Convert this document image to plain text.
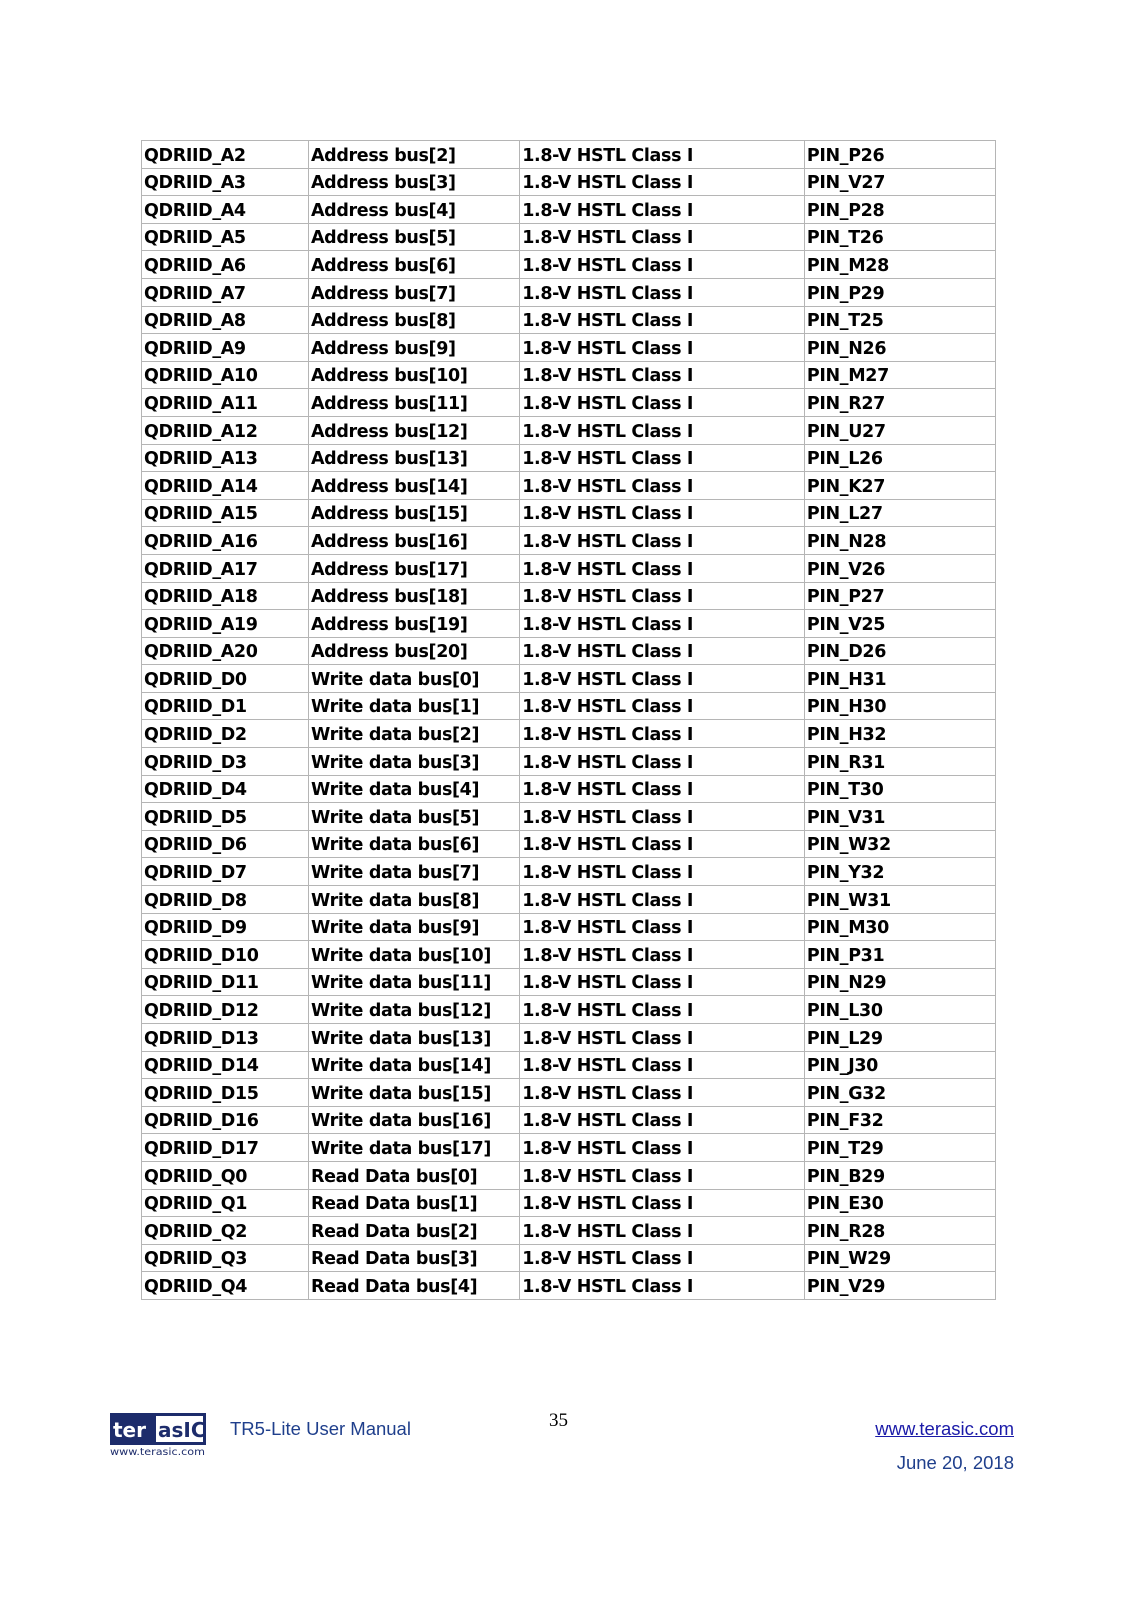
QDRIID_A2	Address bus[2]	1.8-V HSTL Class I	PIN_P26
QDRIID_A3	Address bus[3]	1.8-V HSTL Class I	PIN_V27
QDRIID_A4	Address bus[4]	1.8-V HSTL Class I	PIN_P28
QDRIID_A5	Address bus[5]	1.8-V HSTL Class I	PIN_T26
QDRIID_A6	Address bus[6]	1.8-V HSTL Class I	PIN_M28
QDRIID_A7	Address bus[7]	1.8-V HSTL Class I	PIN_P29
QDRIID_A8	Address bus[8]	1.8-V HSTL Class I	PIN_T25
QDRIID_A9	Address bus[9]	1.8-V HSTL Class I	PIN_N26
QDRIID_A10	Address bus[10]	1.8-V HSTL Class I	PIN_M27
QDRIID_A11	Address bus[11]	1.8-V HSTL Class I	PIN_R27
QDRIID_A12	Address bus[12]	1.8-V HSTL Class I	PIN_U27
QDRIID_A13	Address bus[13]	1.8-V HSTL Class I	PIN_L26
QDRIID_A14	Address bus[14]	1.8-V HSTL Class I	PIN_K27
QDRIID_A15	Address bus[15]	1.8-V HSTL Class I	PIN_L27
QDRIID_A16	Address bus[16]	1.8-V HSTL Class I	PIN_N28
QDRIID_A17	Address bus[17]	1.8-V HSTL Class I	PIN_V26
QDRIID_A18	Address bus[18]	1.8-V HSTL Class I	PIN_P27
QDRIID_A19	Address bus[19]	1.8-V HSTL Class I	PIN_V25
QDRIID_A20	Address bus[20]	1.8-V HSTL Class I	PIN_D26
QDRIID_D0	Write data bus[0]	1.8-V HSTL Class I	PIN_H31
QDRIID_D1	Write data bus[1]	1.8-V HSTL Class I	PIN_H30
QDRIID_D2	Write data bus[2]	1.8-V HSTL Class I	PIN_H32
QDRIID_D3	Write data bus[3]	1.8-V HSTL Class I	PIN_R31
QDRIID_D4	Write data bus[4]	1.8-V HSTL Class I	PIN_T30
QDRIID_D5	Write data bus[5]	1.8-V HSTL Class I	PIN_V31
QDRIID_D6	Write data bus[6]	1.8-V HSTL Class I	PIN_W32
QDRIID_D7	Write data bus[7]	1.8-V HSTL Class I	PIN_Y32
QDRIID_D8	Write data bus[8]	1.8-V HSTL Class I	PIN_W31
QDRIID_D9	Write data bus[9]	1.8-V HSTL Class I	PIN_M30
QDRIID_D10	Write data bus[10]	1.8-V HSTL Class I	PIN_P31
QDRIID_D11	Write data bus[11]	1.8-V HSTL Class I	PIN_N29
QDRIID_D12	Write data bus[12]	1.8-V HSTL Class I	PIN_L30
QDRIID_D13	Write data bus[13]	1.8-V HSTL Class I	PIN_L29
QDRIID_D14	Write data bus[14]	1.8-V HSTL Class I	PIN_J30
QDRIID_D15	Write data bus[15]	1.8-V HSTL Class I	PIN_G32
QDRIID_D16	Write data bus[16]	1.8-V HSTL Class I	PIN_F32
QDRIID_D17	Write data bus[17]	1.8-V HSTL Class I	PIN_T29
QDRIID_Q0	Read Data bus[0]	1.8-V HSTL Class I	PIN_B29
QDRIID_Q1	Read Data bus[1]	1.8-V HSTL Class I	PIN_E30
QDRIID_Q2	Read Data bus[2]	1.8-V HSTL Class I	PIN_R28
QDRIID_Q3	Read Data bus[3]	1.8-V HSTL Class I	PIN_W29
QDRIID_Q4	Read Data bus[4]	1.8-V HSTL Class I	PIN_V29
ter asIC
www.terasic.com
TR5-Lite User Manual	35	www.terasic.com
June 20, 2018
